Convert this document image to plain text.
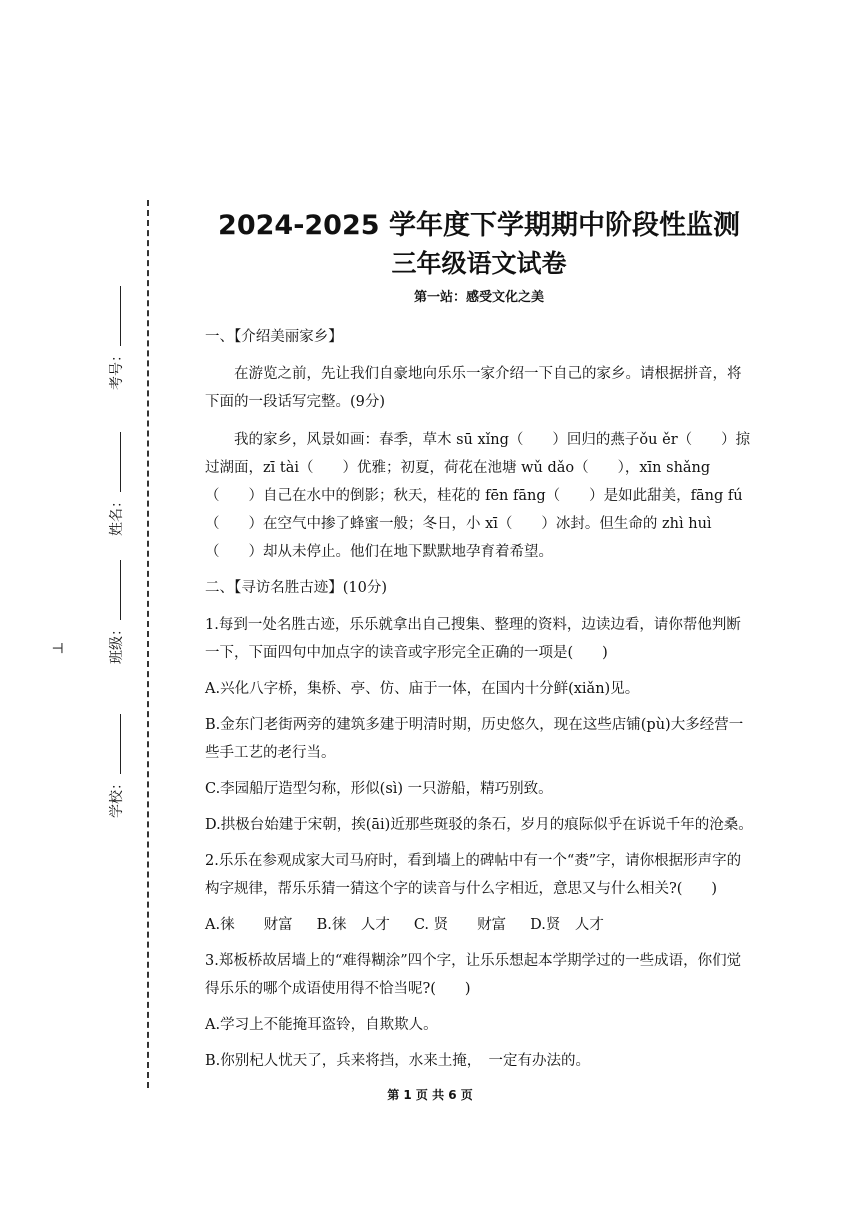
考号：
姓名：
班级：
学校：
⊥
2024-2025 学年度下学期期中阶段性监测
三年级语文试卷
第一站：感受文化之美
一、【介绍美丽家乡】

在游览之前，先让我们自豪地向乐乐一家介绍一下自己的家乡。请根据拼音，将下面的一段话写完整。(9分)

我的家乡，风景如画：春季，草木 sū xǐng（　　）回归的燕子ǒu ěr（　　）掠过湖面，zī tài（　　）优雅；初夏，荷花在池塘 wǔ dǎo（　　），xīn shǎng（　　）自己在水中的倒影；秋天，桂花的 fēn fāng（　　）是如此甜美，fāng fú（　　）在空气中掺了蜂蜜一般；冬日，小 xī（　　）冰封。但生命的 zhì huì（　　）却从未停止。他们在地下默默地孕育着希望。

二、【寻访名胜古迹】(10分)

1.每到一处名胜古迹，乐乐就拿出自己搜集、整理的资料，边读边看，请你帮他判断一下，下面四句中加点字的读音或字形完全正确的一项是(　　)

A.兴化八字桥，集桥、亭、仿、庙于一体，在国内十分鲜(xiǎn)见。

B.金东门老街两旁的建筑多建于明清时期，历史悠久，现在这些店铺(pù)大多经营一些手工艺的老行当。

C.李园船厅造型匀称，形似(sì) 一只游船，精巧别致。

D.拱极台始建于宋朝，挨(āi)近那些斑驳的条石，岁月的痕际似乎在诉说千年的沧桑。

2.乐乐在参观成家大司马府时，看到墙上的碑帖中有一个“赉”字，请你根据形声字的构字规律，帮乐乐猜一猜这个字的读音与什么字相近，意思又与什么相关?(　　)

A.徕　　财富 B.徕　人才 C. 贤　　财富 D.贤　人才

3.郑板桥故居墙上的“难得糊涂”四个字，让乐乐想起本学期学过的一些成语，你们觉得乐乐的哪个成语使用得不恰当呢?(　　)

A.学习上不能掩耳盗铃，自欺欺人。

B.你别杞人忧天了，兵来将挡，水来土掩，　一定有办法的。

第 1 页 共 6 页
